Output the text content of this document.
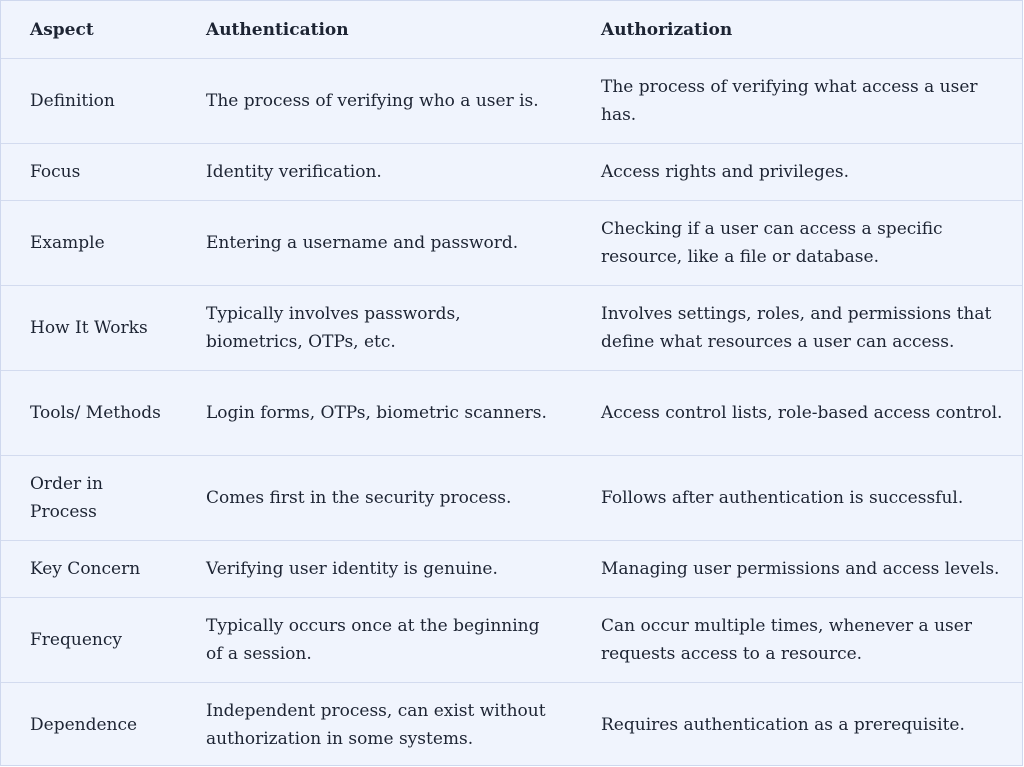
Aspect	Authentication	Authorization
Definition	The process of verifying who a user is.	The process of verifying what access a user has.
Focus	Identity verification.	Access rights and privileges.
Example	Entering a username and password.	Checking if a user can access a specific resource, like a file or database.
How It Works	Typically involves passwords, biometrics, OTPs, etc.	Involves settings, roles, and permissions that define what resources a user can access.
Tools/ Methods	Login forms, OTPs, biometric scanners.	Access control lists, role-based access control.
Order in Process	Comes first in the security process.	Follows after authentication is successful.
Key Concern	Verifying user identity is genuine.	Managing user permissions and access levels.
Frequency	Typically occurs once at the beginning of a session.	Can occur multiple times, whenever a user requests access to a resource.
Dependence	Independent process, can exist without authorization in some systems.	Requires authentication as a prerequisite.
